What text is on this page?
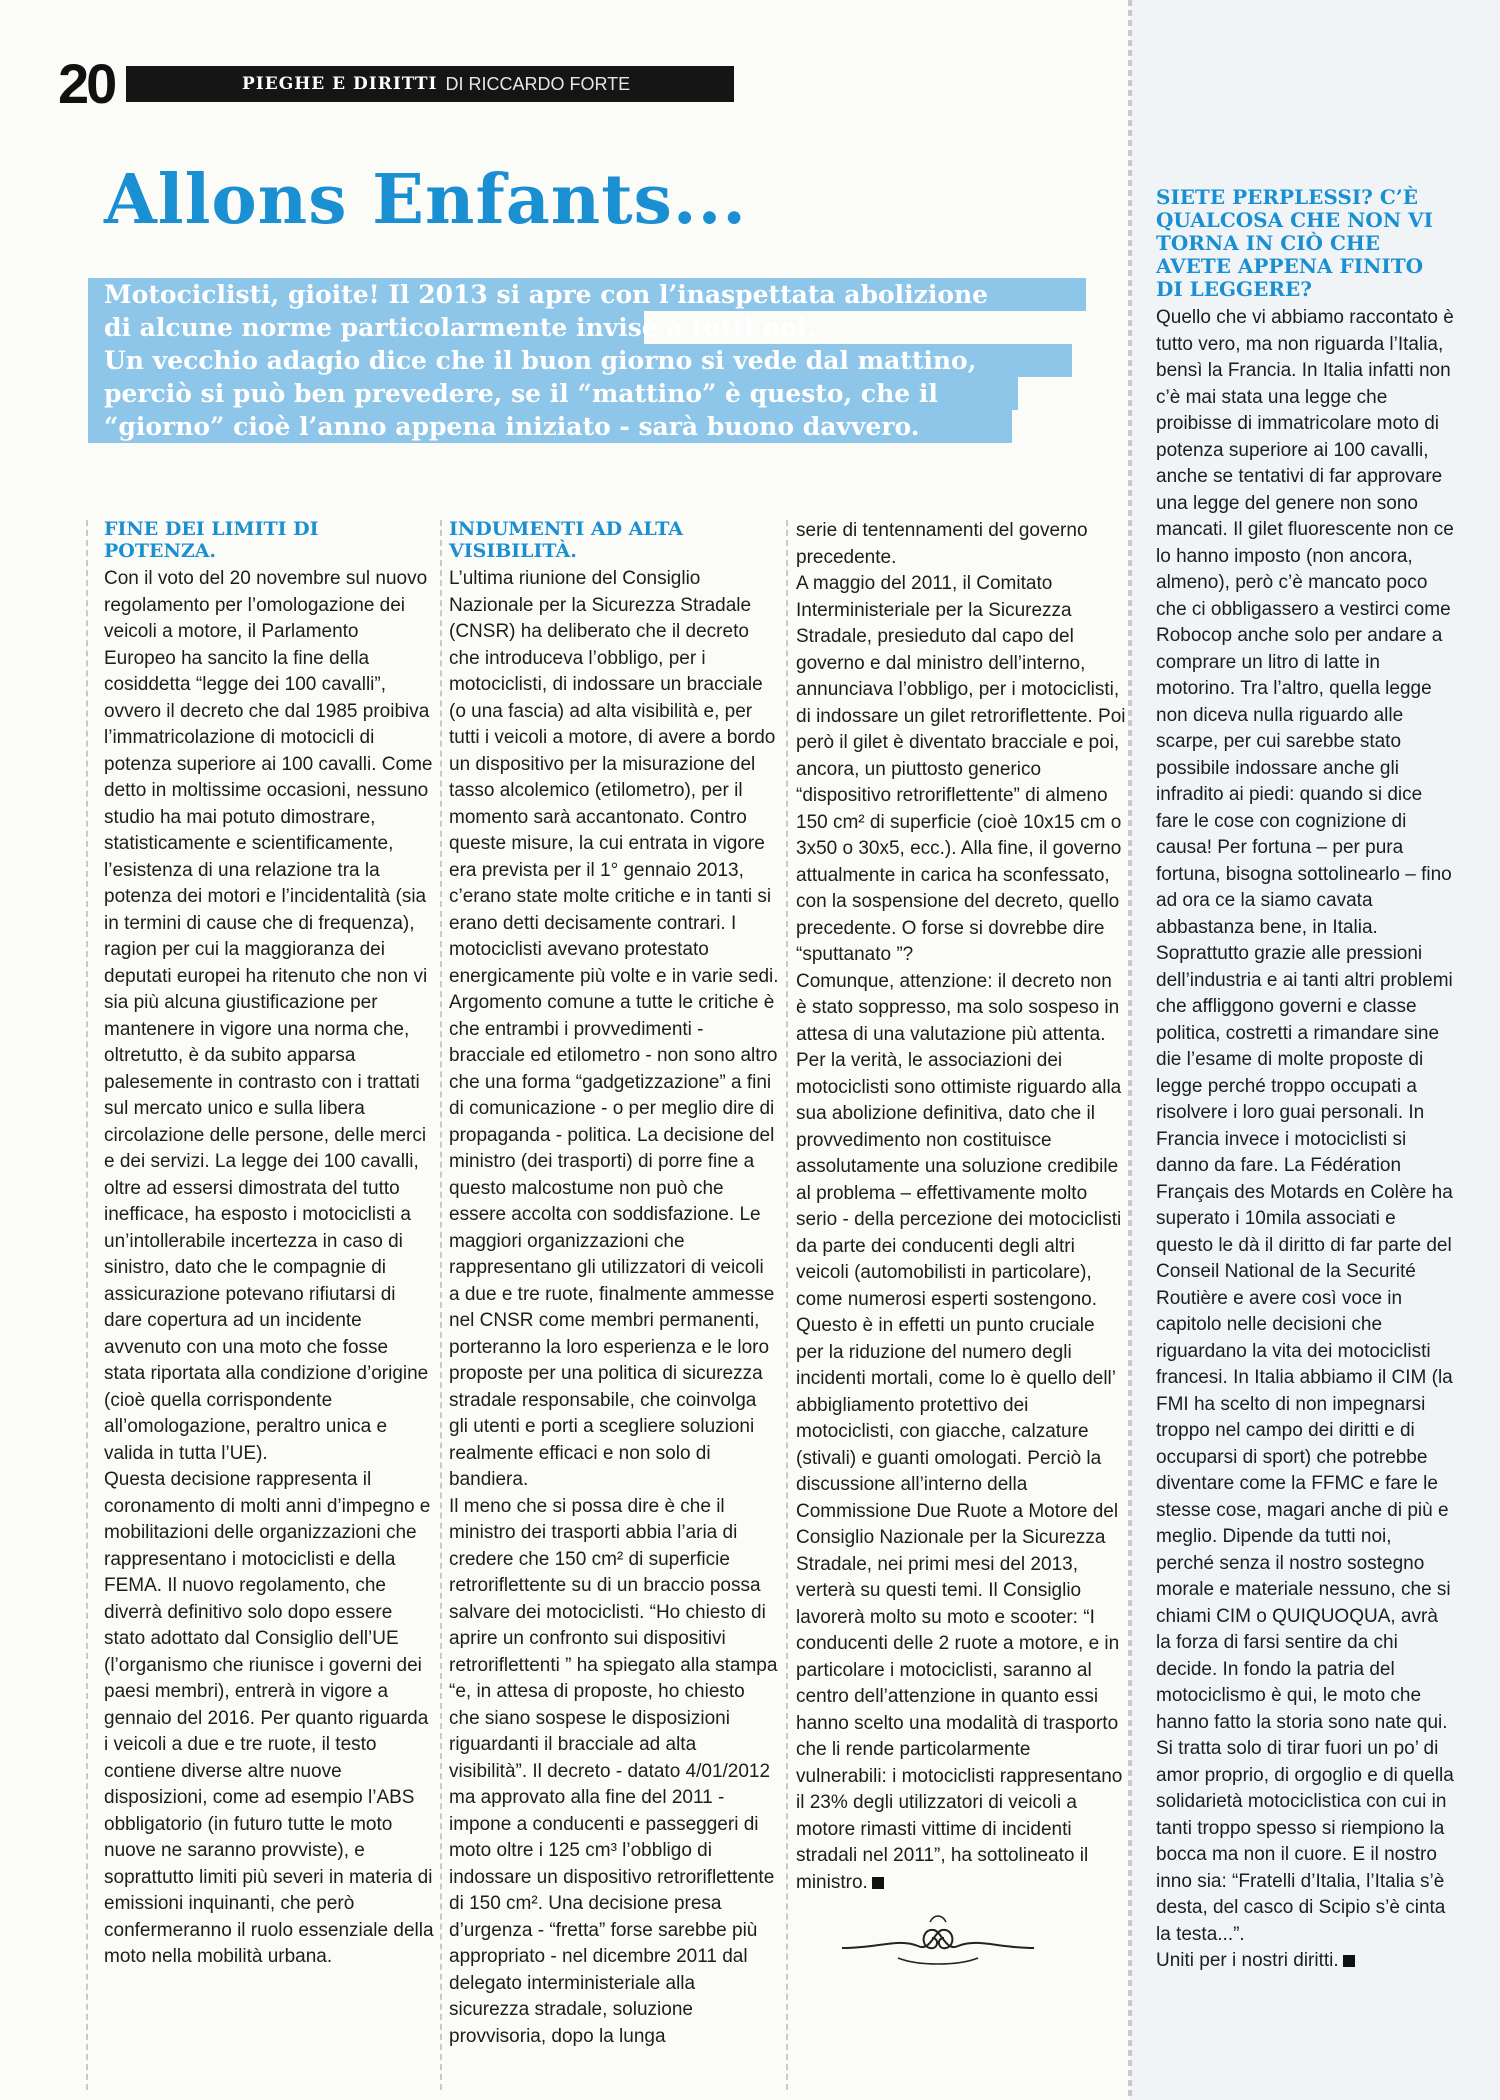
20	PIEGHE E DIRITTI DI RICCARDO FORTE
Allons Enfants...
Motociclisti, gioite! Il 2013 si apre con l’inaspettata abolizione
di alcune norme particolarmente invise a tutti noi.
Un vecchio adagio dice che il buon giorno si vede dal mattino,
perciò si può ben prevedere, se il “mattino” è questo, che il
“giorno” cioè l’anno appena iniziato - sarà buono davvero.

FINE DEI LIMITI DI POTENZA.

Con il voto del 20 novembre sul nuovo regolamento per l’omologazione dei veicoli a motore, il Parlamento Europeo ha sancito la fine della cosiddetta “legge dei 100 cavalli”, ovvero il decreto che dal 1985 proibiva l’immatricolazione di motocicli di potenza superiore ai 100 cavalli. Come detto in moltissime occasioni, nessuno studio ha mai potuto dimostrare, statisticamente e scientificamente, l’esistenza di una relazione tra la potenza dei motori e l’incidentalità (sia in termini di cause che di frequenza), ragion per cui la maggioranza dei deputati europei ha ritenuto che non vi sia più alcuna giustificazione per mantenere in vigore una norma che, oltretutto, è da subito apparsa palesemente in contrasto con i trattati sul mercato unico e sulla libera circolazione delle persone, delle merci e dei servizi. La legge dei 100 cavalli, oltre ad essersi dimostrata del tutto inefficace, ha esposto i motociclisti a un’intollerabile incertezza in caso di sinistro, dato che le compagnie di assicurazione potevano rifiutarsi di dare copertura ad un incidente avvenuto con una moto che fosse stata riportata alla condizione d’origine (cioè quella corrispondente all’omologazione, peraltro unica e valida in tutta l’UE).

Questa decisione rappresenta il coronamento di molti anni d’impegno e mobilitazioni delle organizzazioni che rappresentano i motociclisti e della FEMA. Il nuovo regolamento, che diverrà definitivo solo dopo essere stato adottato dal Consiglio dell’UE (l’organismo che riunisce i governi dei paesi membri), entrerà in vigore a gennaio del 2016. Per quanto riguarda i veicoli a due e tre ruote, il testo contiene diverse altre nuove disposizioni, come ad esempio l’ABS obbligatorio (in futuro tutte le moto nuove ne saranno provviste), e soprattutto limiti più severi in materia di emissioni inquinanti, che però confermeranno il ruolo essenziale della moto nella mobilità urbana.

INDUMENTI AD ALTA VISIBILITÀ.

L’ultima riunione del Consiglio Nazionale per la Sicurezza Stradale (CNSR) ha deliberato che il decreto che introduceva l’obbligo, per i motociclisti, di indossare un bracciale (o una fascia) ad alta visibilità e, per tutti i veicoli a motore, di avere a bordo un dispositivo per la misurazione del tasso alcolemico (etilometro), per il momento sarà accantonato. Contro queste misure, la cui entrata in vigore era prevista per il 1° gennaio 2013, c’erano state molte critiche e in tanti si erano detti decisamente contrari. I motociclisti avevano protestato energicamente più volte e in varie sedi. Argomento comune a tutte le critiche è che entrambi i provvedimenti - bracciale ed etilometro - non sono altro che una forma “gadgetizzazione” a fini di comunicazione - o per meglio dire di propaganda - politica. La decisione del ministro (dei trasporti) di porre fine a questo malcostume non può che essere accolta con soddisfazione. Le maggiori organizzazioni che rappresentano gli utilizzatori di veicoli a due e tre ruote, finalmente ammesse nel CNSR come membri permanenti, porteranno la loro esperienza e le loro proposte per una politica di sicurezza stradale responsabile, che coinvolga gli utenti e porti a scegliere soluzioni realmente efficaci e non solo di bandiera.

Il meno che si possa dire è che il ministro dei trasporti abbia l’aria di credere che 150 cm² di superficie retroriflettente su di un braccio possa salvare dei motociclisti. “Ho chiesto di aprire un confronto sui dispositivi retroriflettenti ” ha spiegato alla stampa “e, in attesa di proposte, ho chiesto che siano sospese le disposizioni riguardanti il bracciale ad alta visibilità”. Il decreto - datato 4/01/2012 ma approvato alla fine del 2011 - impone a conducenti e passeggeri di moto oltre i 125 cm³ l’obbligo di indossare un dispositivo retroriflettente di 150 cm². Una decisione presa d’urgenza - “fretta” forse sarebbe più appropriato - nel dicembre 2011 dal delegato interministeriale alla sicurezza stradale, soluzione provvisoria, dopo la lunga

serie di tentennamenti del governo precedente.

A maggio del 2011, il Comitato Interministeriale per la Sicurezza Stradale, presieduto dal capo del governo e dal ministro dell’interno, annunciava l’obbligo, per i motociclisti, di indossare un gilet retroriflettente. Poi però il gilet è diventato bracciale e poi, ancora, un piuttosto generico “dispositivo retroriflettente” di almeno 150 cm² di superficie (cioè 10x15 cm o 3x50 o 30x5, ecc.). Alla fine, il governo attualmente in carica ha sconfessato, con la sospensione del decreto, quello precedente. O forse si dovrebbe dire “sputtanato ”?

Comunque, attenzione: il decreto non è stato soppresso, ma solo sospeso in attesa di una valutazione più attenta. Per la verità, le associazioni dei motociclisti sono ottimiste riguardo alla sua abolizione definitiva, dato che il provvedimento non costituisce assolutamente una soluzione credibile al problema – effettivamente molto serio - della percezione dei motociclisti da parte dei conducenti degli altri veicoli (automobilisti in particolare), come numerosi esperti sostengono. Questo è in effetti un punto cruciale per la riduzione del numero degli incidenti mortali, come lo è quello dell’ abbigliamento protettivo dei motociclisti, con giacche, calzature (stivali) e guanti omologati. Perciò la discussione all’interno della Commissione Due Ruote a Motore del Consiglio Nazionale per la Sicurezza Stradale, nei primi mesi del 2013, verterà su questi temi. Il Consiglio lavorerà molto su moto e scooter: “I conducenti delle 2 ruote a motore, e in particolare i motociclisti, saranno al centro dell’attenzione in quanto essi hanno scelto una modalità di trasporto che li rende particolarmente vulnerabili: i motociclisti rappresentano il 23% degli utilizzatori di veicoli a motore rimasti vittime di incidenti stradali nel 2011”, ha sottolineato il ministro.

SIETE PERPLESSI? C’È QUALCOSA CHE NON VI TORNA IN CIÒ CHE AVETE APPENA FINITO DI LEGGERE?

Quello che vi abbiamo raccontato è tutto vero, ma non riguarda l’Italia, bensì la Francia. In Italia infatti non c’è mai stata una legge che proibisse di immatricolare moto di potenza superiore ai 100 cavalli, anche se tentativi di far approvare una legge del genere non sono mancati. Il gilet fluorescente non ce lo hanno imposto (non ancora, almeno), però c’è mancato poco che ci obbligassero a vestirci come Robocop anche solo per andare a comprare un litro di latte in motorino. Tra l’altro, quella legge non diceva nulla riguardo alle scarpe, per cui sarebbe stato possibile indossare anche gli infradito ai piedi: quando si dice fare le cose con cognizione di causa! Per fortuna – per pura fortuna, bisogna sottolinearlo – fino ad ora ce la siamo cavata abbastanza bene, in Italia. Soprattutto grazie alle pressioni dell’industria e ai tanti altri problemi che affliggono governi e classe politica, costretti a rimandare sine die l’esame di molte proposte di legge perché troppo occupati a risolvere i loro guai personali. In Francia invece i motociclisti si danno da fare. La Fédération Français des Motards en Colère ha superato i 10mila associati e questo le dà il diritto di far parte del Conseil National de la Securité Routière e avere così voce in capitolo nelle decisioni che riguardano la vita dei motociclisti francesi. In Italia abbiamo il CIM (la FMI ha scelto di non impegnarsi troppo nel campo dei diritti e di occuparsi di sport) che potrebbe diventare come la FFMC e fare le stesse cose, magari anche di più e meglio. Dipende da tutti noi, perché senza il nostro sostegno morale e materiale nessuno, che si chiami CIM o QUIQUOQUA, avrà la forza di farsi sentire da chi decide. In fondo la patria del motociclismo è qui, le moto che hanno fatto la storia sono nate qui. Si tratta solo di tirar fuori un po’ di amor proprio, di orgoglio e di quella solidarietà motociclistica con cui in tanti troppo spesso si riempiono la bocca ma non il cuore. E il nostro inno sia: “Fratelli d’Italia, l’Italia s’è desta, del casco di Scipio s’è cinta la testa...”.

Uniti per i nostri diritti.
